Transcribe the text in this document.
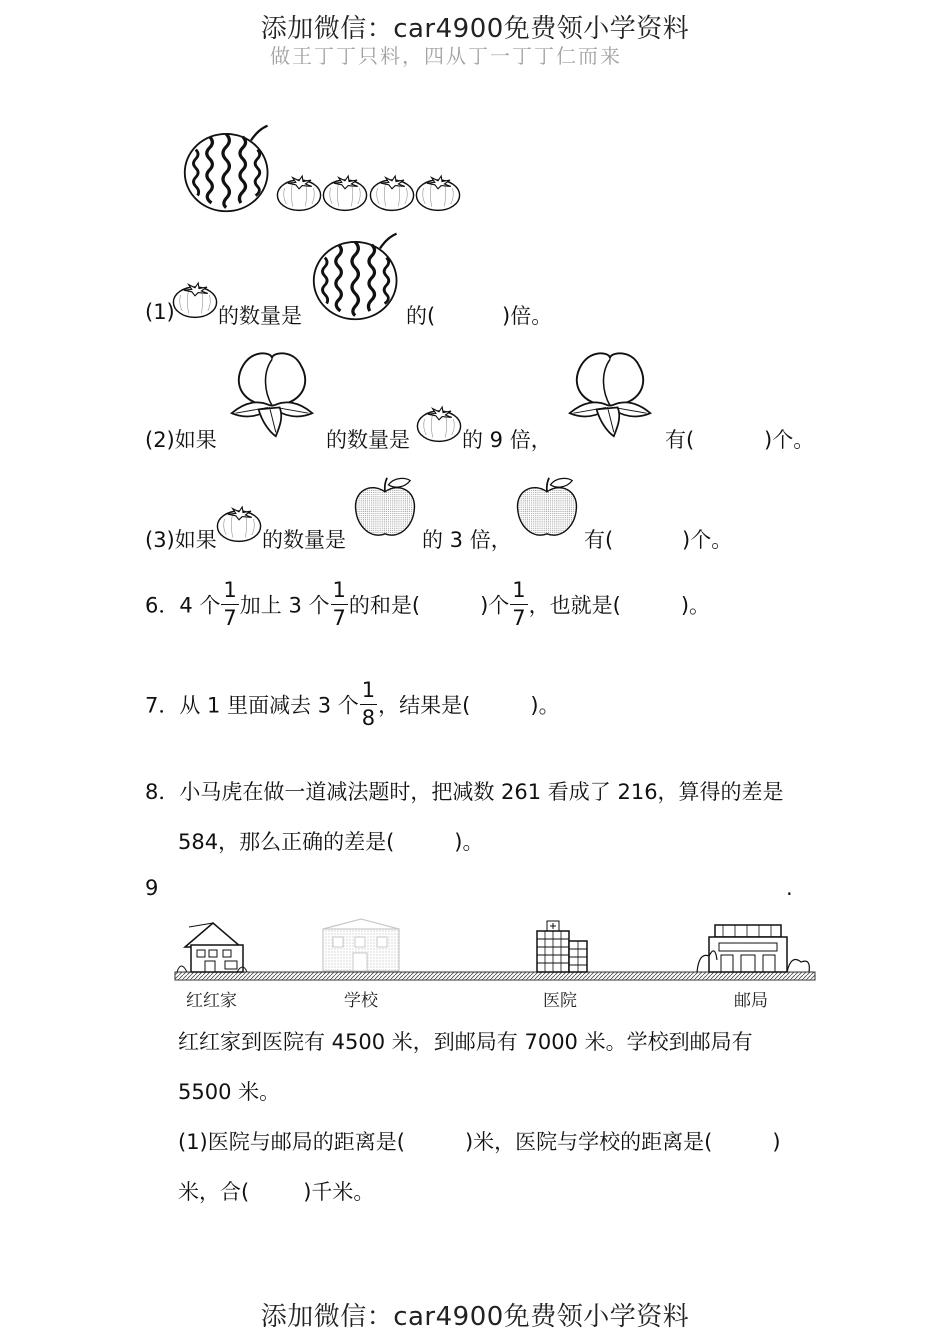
添加微信：car4900免费领小学资料
做王丁丁只料，四从丁一丁丁仁而来
(1) 的数量是	的(	)倍。
(2)如果	的数量是 的 9 倍，	有(	)个。
(3)如果 的数量是	的 3 倍，	有(	)个。
6．4 个 $\frac{1}{7}$ 加上 3 个 $\frac{1}{7}$ 的和是(	)个 $\frac{1}{7}$ ，也就是(	)。
7．从 1 里面减去 3 个 $\frac{1}{8}$ ，结果是(	)。
8．小马虎在做一道减法题时，把减数 261 看成了 216，算得的差是
584，那么正确的差是(	)。
9	.
红红家	学校	医院	邮局
红红家到医院有 4500 米，到邮局有 7000 米。学校到邮局有
5500 米。
(1)医院与邮局的距离是(	)米，医院与学校的距离是(	)
米，合(	)千米。
添加微信：car4900免费领小学资料
